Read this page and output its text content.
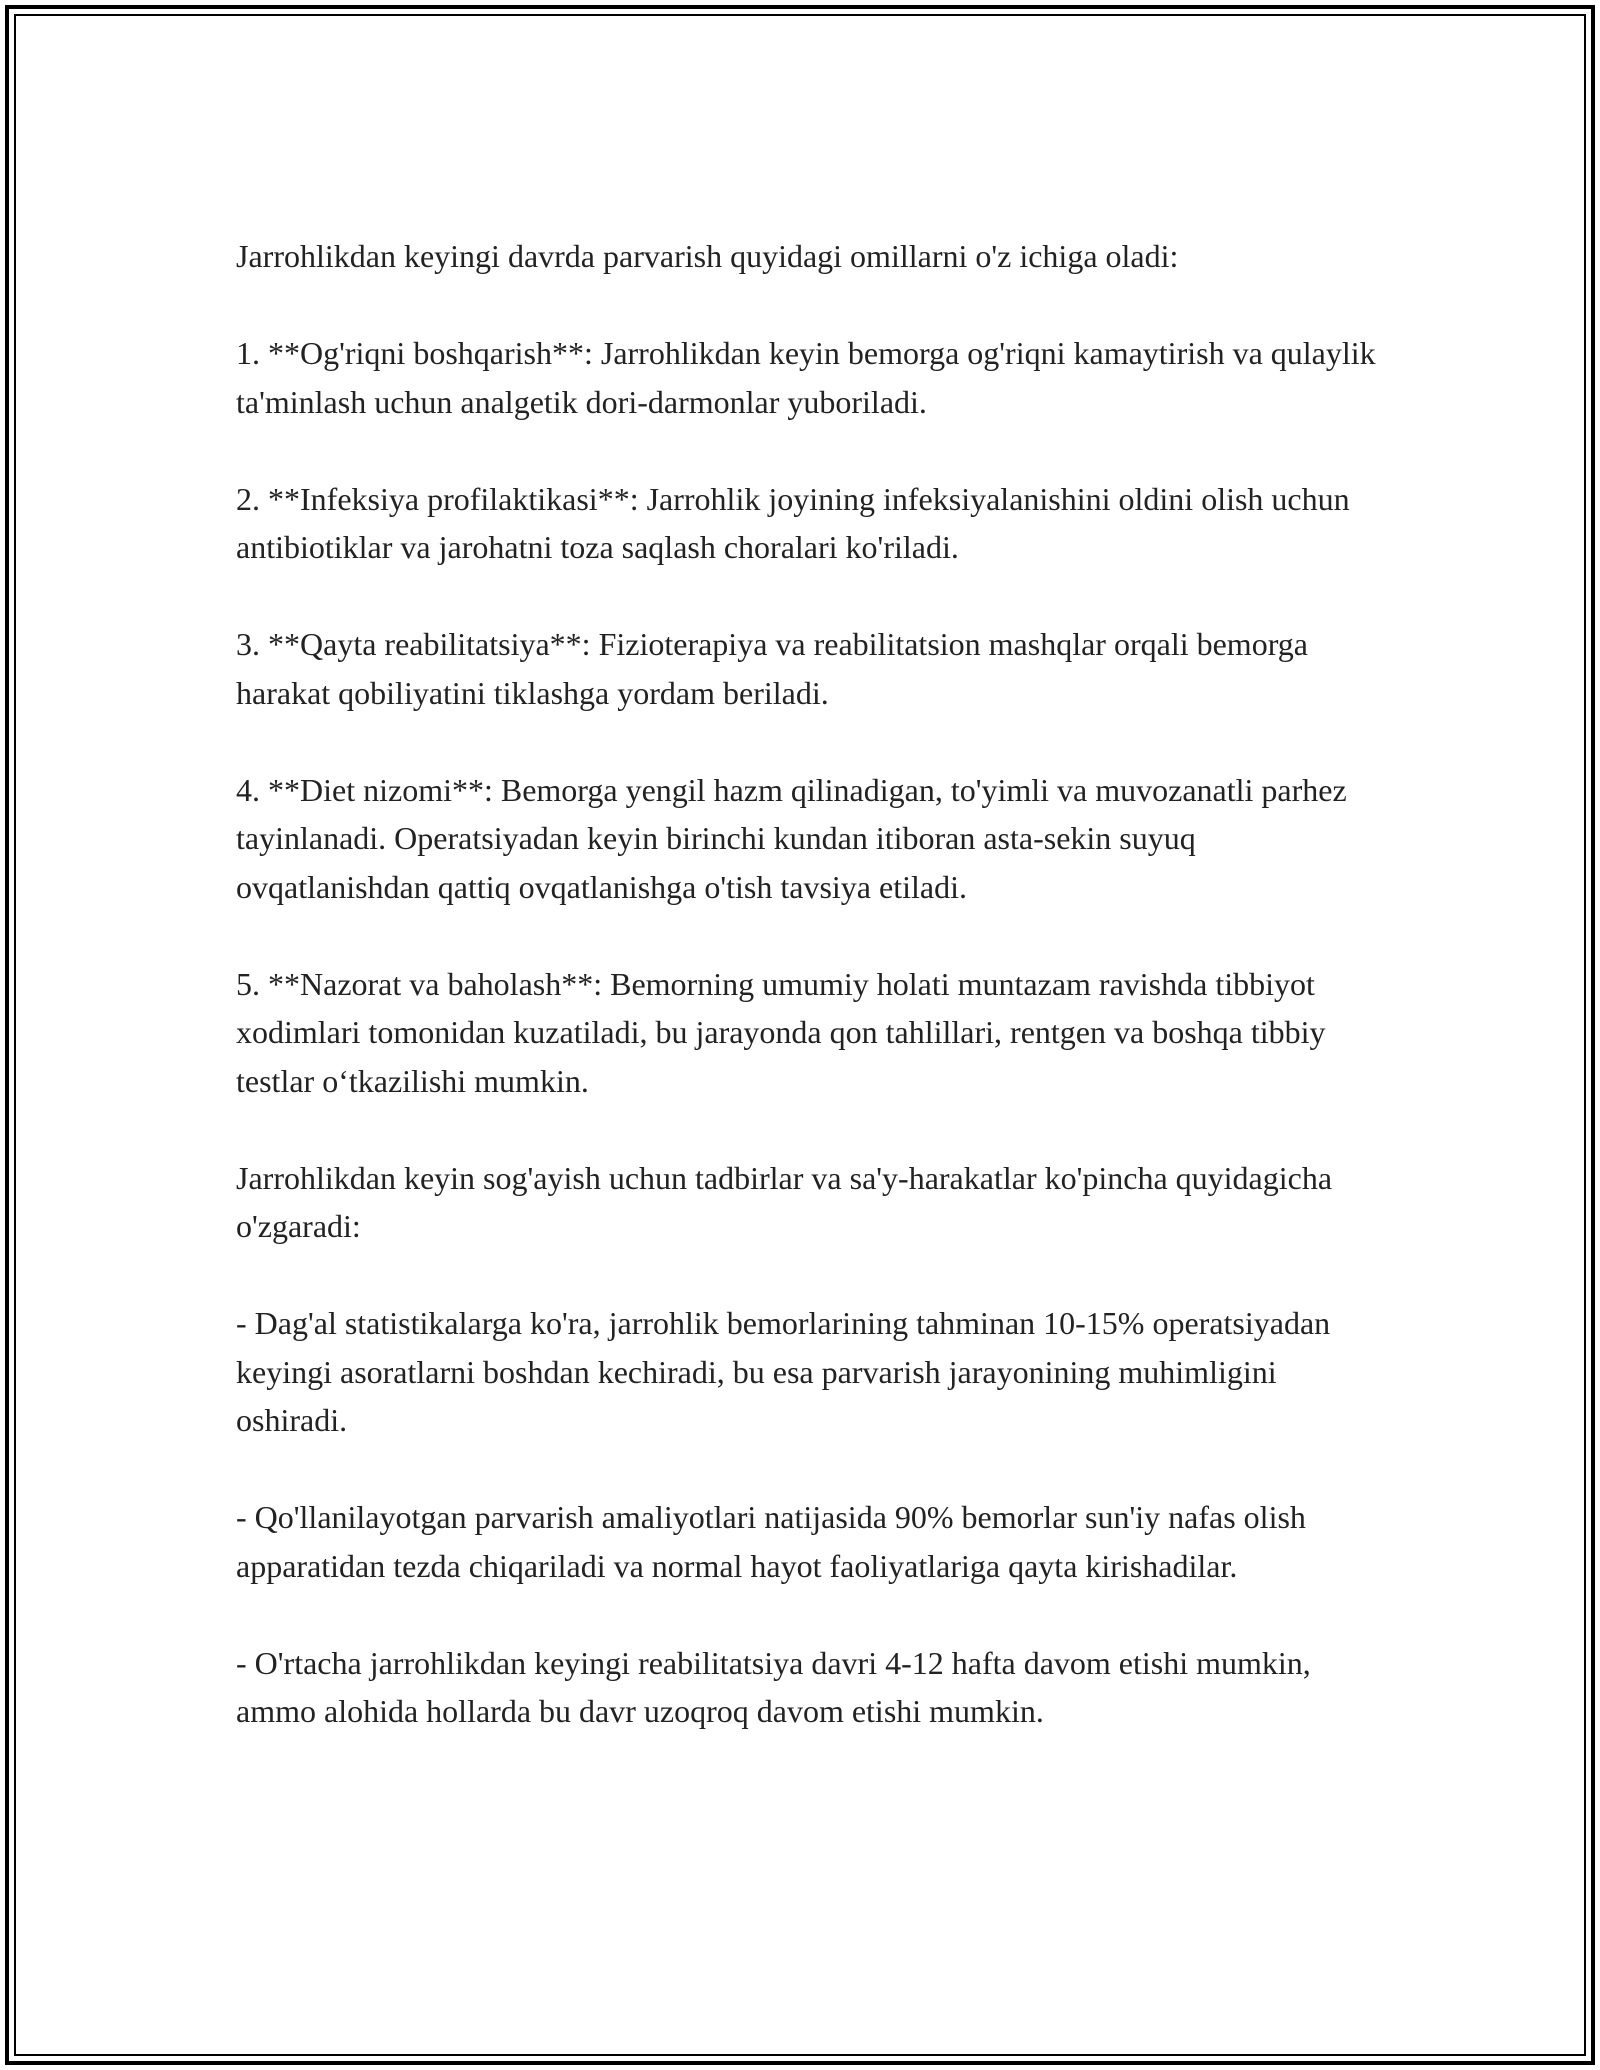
Jarrohlikdan keyingi davrda parvarish quyidagi omillarni o'z ichiga oladi:

1. **Og'riqni boshqarish**: Jarrohlikdan keyin bemorga og'riqni kamaytirish va qulaylik ta'minlash uchun analgetik dori-darmonlar yuboriladi.

2. **Infeksiya profilaktikasi**: Jarrohlik joyining infeksiyalanishini oldini olish uchun antibiotiklar va jarohatni toza saqlash choralari ko'riladi.

3. **Qayta reabilitatsiya**: Fizioterapiya va reabilitatsion mashqlar orqali bemorga harakat qobiliyatini tiklashga yordam beriladi.

4. **Diet nizomi**: Bemorga yengil hazm qilinadigan, to'yimli va muvozanatli parhez tayinlanadi. Operatsiyadan keyin birinchi kundan itiboran asta-sekin suyuq ovqatlanishdan qattiq ovqatlanishga o'tish tavsiya etiladi.

5. **Nazorat va baholash**: Bemorning umumiy holati muntazam ravishda tibbiyot xodimlari tomonidan kuzatiladi, bu jarayonda qon tahlillari, rentgen va boshqa tibbiy testlar o‘tkazilishi mumkin.

Jarrohlikdan keyin sog'ayish uchun tadbirlar va sa'y-harakatlar ko'pincha quyidagicha o'zgaradi:

- Dag'al statistikalarga ko'ra, jarrohlik bemorlarining tahminan 10-15% operatsiyadan keyingi asoratlarni boshdan kechiradi, bu esa parvarish jarayonining muhimligini oshiradi.

- Qo'llanilayotgan parvarish amaliyotlari natijasida 90% bemorlar sun'iy nafas olish apparatidan tezda chiqariladi va normal hayot faoliyatlariga qayta kirishadilar.

- O'rtacha jarrohlikdan keyingi reabilitatsiya davri 4-12 hafta davom etishi mumkin, ammo alohida hollarda bu davr uzoqroq davom etishi mumkin.
